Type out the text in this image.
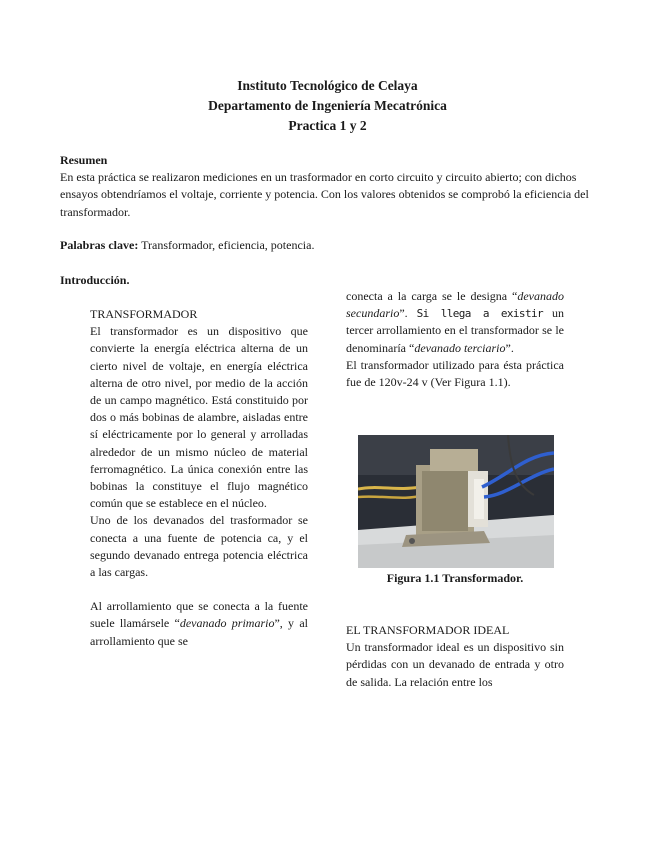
Instituto Tecnológico de Celaya
Departamento de Ingeniería Mecatrónica
Practica 1 y 2
Resumen
En esta práctica se realizaron mediciones en un trasformador en corto circuito y circuito abierto; con dichos ensayos obtendríamos el voltaje, corriente y potencia. Con los valores obtenidos se comprobó la eficiencia del transformador.
Palabras clave: Transformador, eficiencia, potencia.
Introducción.
TRANSFORMADOR

El transformador es un dispositivo que convierte la energía eléctrica alterna de un cierto nivel de voltaje, en energía eléctrica alterna de otro nivel, por medio de la acción de un campo magnético. Está constituido por dos o más bobinas de alambre, aisladas entre sí eléctricamente por lo general y arrolladas alrededor de un mismo núcleo de material ferromagnético. La única conexión entre las bobinas la constituye el flujo magnético común que se establece en el núcleo.

Uno de los devanados del trasformador se conecta a una fuente de potencia ca, y el segundo devanado entrega potencia eléctrica a las cargas.

Al arrollamiento que se conecta a la fuente suele llamársele “devanado primario”, y al arrollamiento que se

conecta a la carga se le designa “devanado secundario”. Si llega a existir un tercer arrollamiento en el transformador se le denominaría “devanado terciario”.

El transformador utilizado para ésta práctica fue de 120v-24 v (Ver Figura 1.1).

Figura 1.1 Transformador.
EL TRANSFORMADOR IDEAL

Un transformador ideal es un dispositivo sin pérdidas con un devanado de entrada y otro de salida. La relación entre los
